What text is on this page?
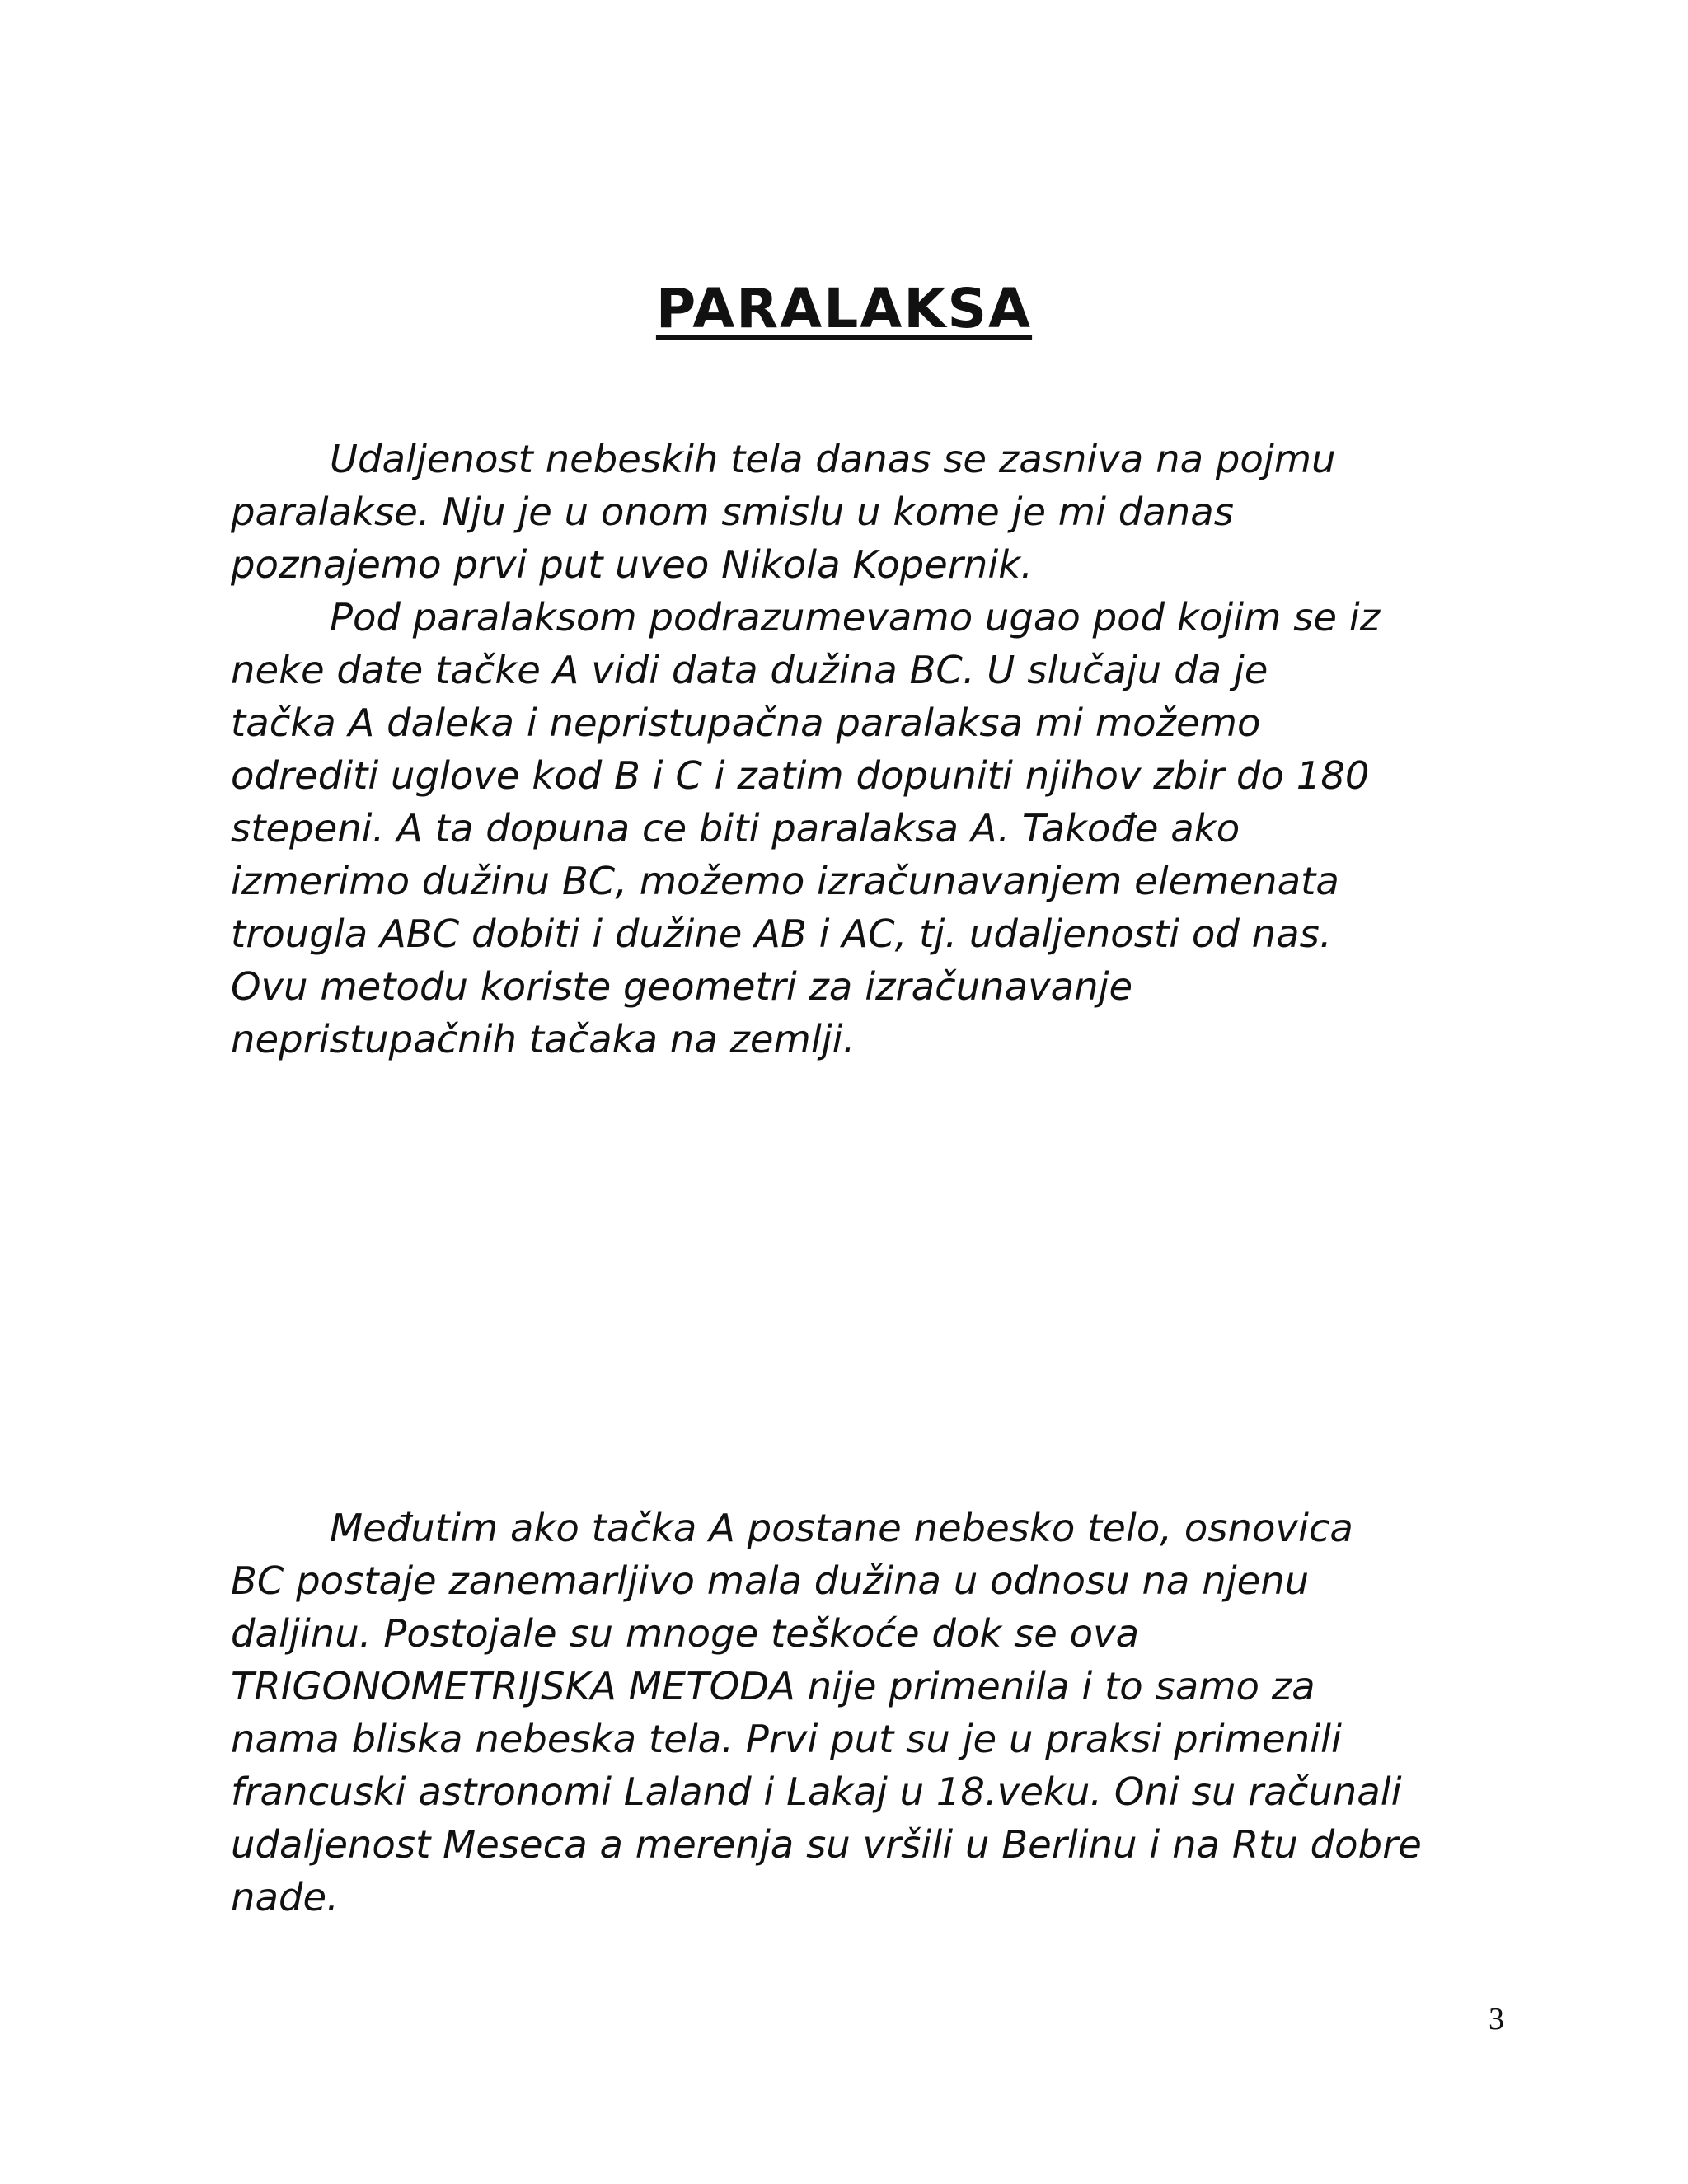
PARALAKSA
Udaljenost nebeskih tela danas se zasniva na pojmu
paralakse. Nju je u onom smislu u kome je mi danas
poznajemo prvi put uveo Nikola Kopernik.
Pod paralaksom podrazumevamo ugao pod kojim se iz
neke date tačke A vidi data dužina BC. U slučaju da je
tačka A daleka i nepristupačna paralaksa mi možemo
odrediti uglove kod B i C i zatim dopuniti njihov zbir do 180
stepeni. A ta dopuna ce biti paralaksa A. Takođe ako
izmerimo dužinu BC, možemo izračunavanjem elemenata
trougla ABC dobiti i dužine AB i AC, tj. udaljenosti od nas.
Ovu metodu koriste geometri za izračunavanje
nepristupačnih tačaka na zemlji.
Međutim ako tačka A postane nebesko telo, osnovica
BC postaje zanemarljivo mala dužina u odnosu na njenu
daljinu. Postojale su mnoge teškoće dok se ova
TRIGONOMETRIJSKA METODA nije primenila i to samo za
nama bliska nebeska tela. Prvi put su je u praksi primenili
francuski astronomi Laland i Lakaj u 18.veku. Oni su računali
udaljenost Meseca a merenja su vršili u Berlinu i na Rtu dobre
nade.
3
